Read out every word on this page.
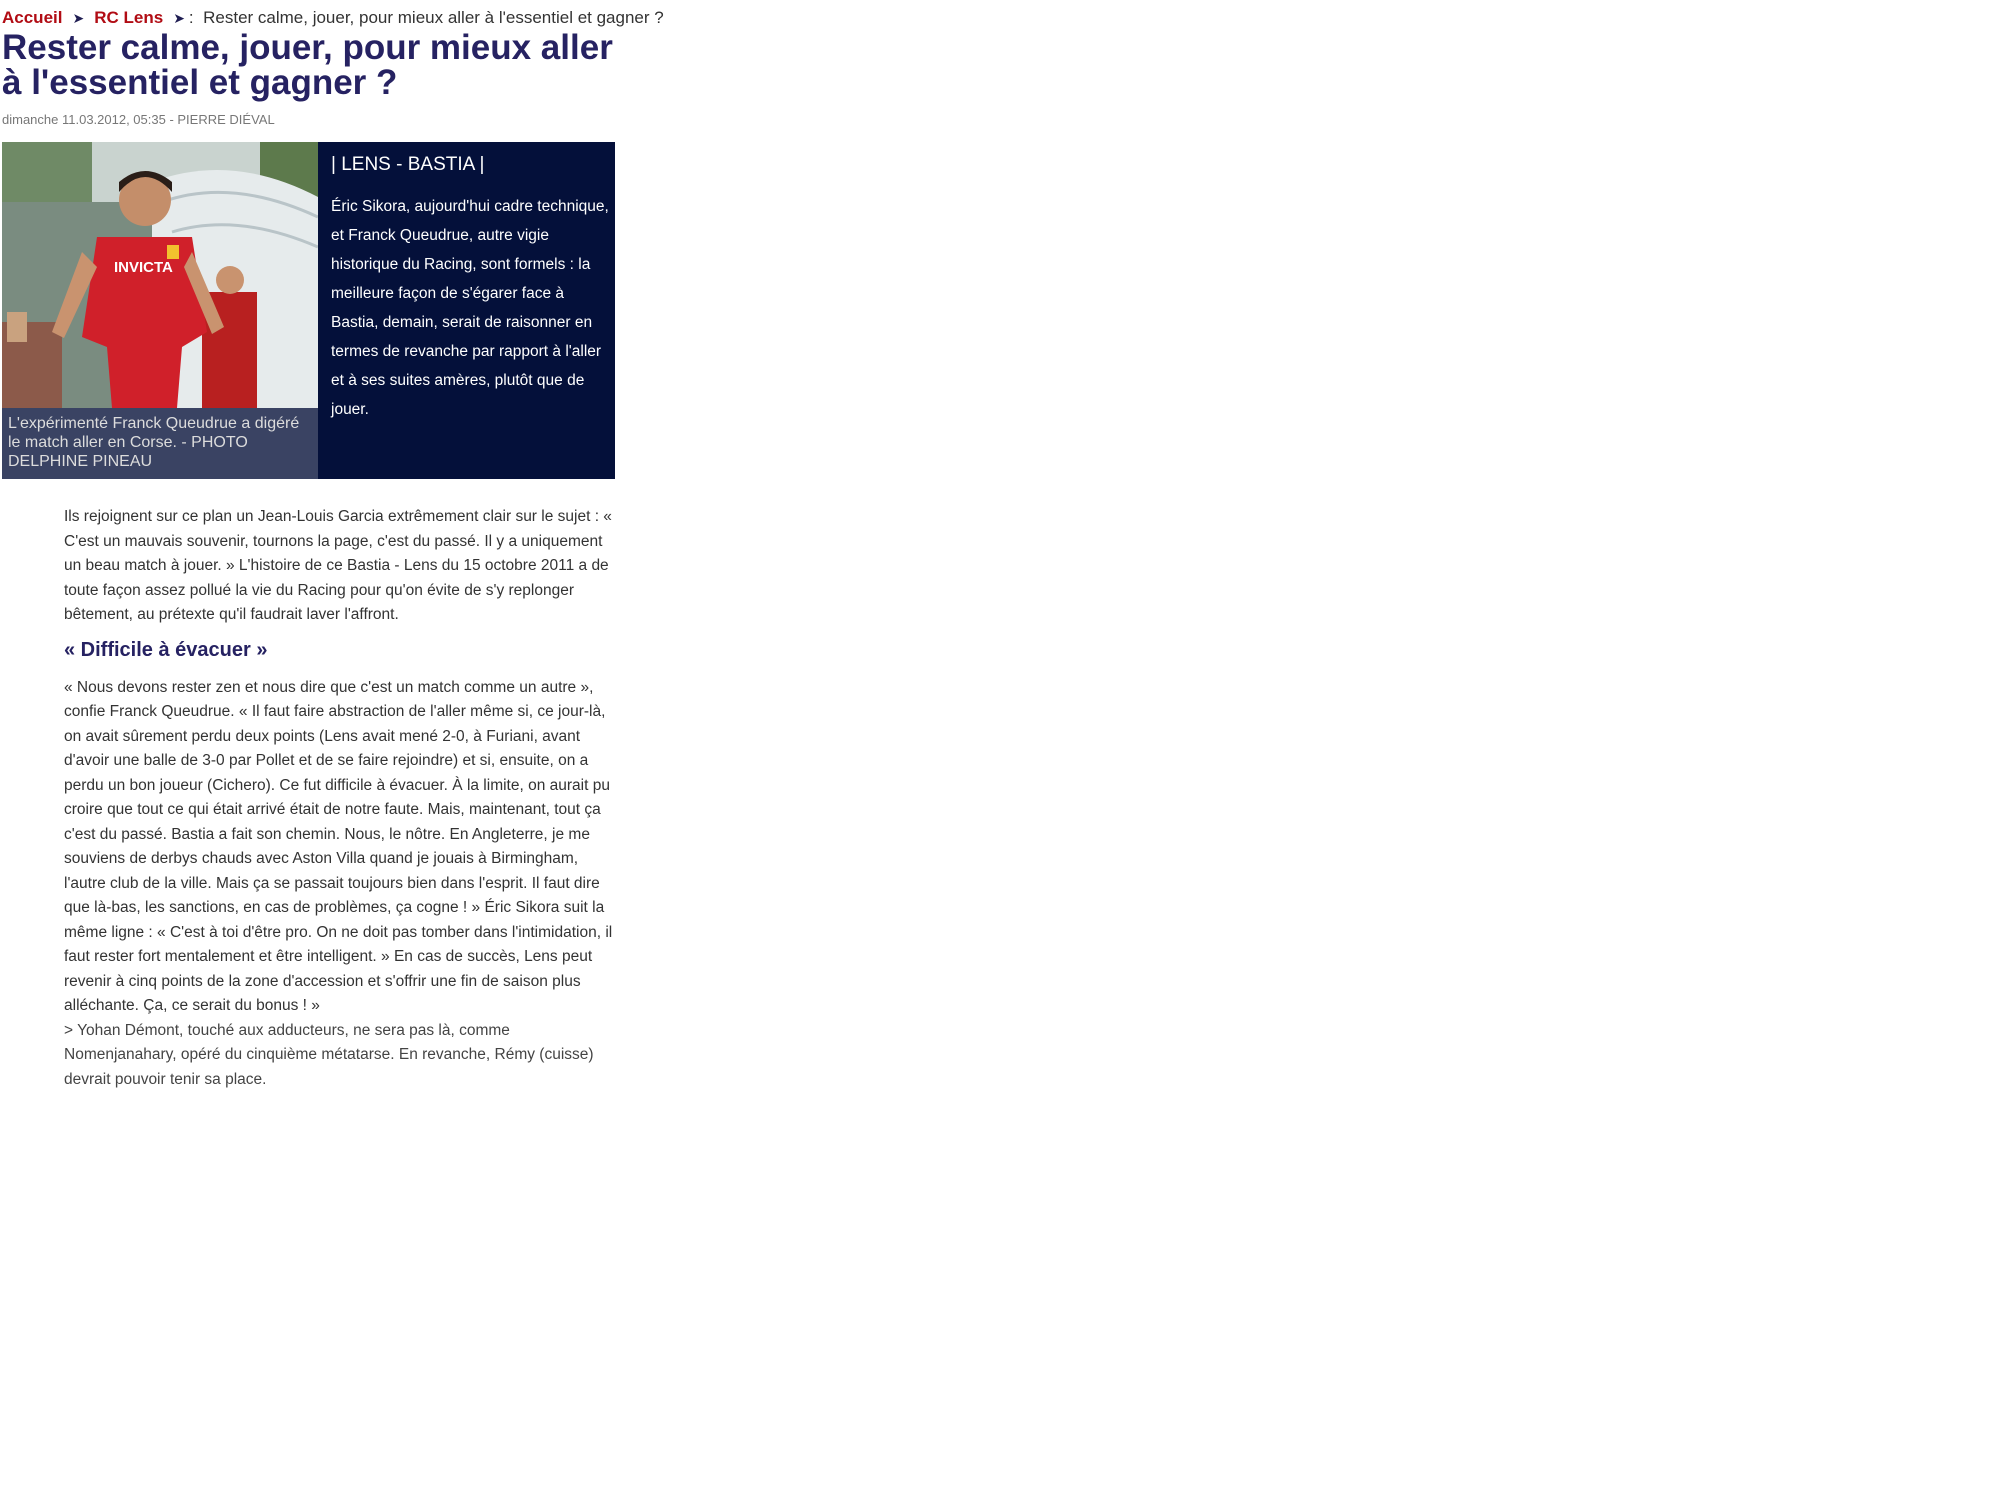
Accueil ➤ RC Lens ➤ : Rester calme, jouer, pour mieux aller à l'essentiel et gagner ?
Rester calme, jouer, pour mieux aller à l'essentiel et gagner ?
dimanche 11.03.2012, 05:35 - PIERRE DIÉVAL
INVICTA
L'expérimenté Franck Queudrue a digéré le match aller en Corse. - PHOTO DELPHINE PINEAU
| LENS - BASTIA |

Éric Sikora, aujourd'hui cadre technique, et Franck Queudrue, autre vigie historique du Racing, sont formels : la meilleure façon de s'égarer face à Bastia, demain, serait de raisonner en termes de revanche par rapport à l'aller et à ses suites amères, plutôt que de jouer.

Ils rejoignent sur ce plan un Jean-Louis Garcia extrêmement clair sur le sujet : « C'est un mauvais souvenir, tournons la page, c'est du passé. Il y a uniquement un beau match à jouer. » L'histoire de ce Bastia - Lens du 15 octobre 2011 a de toute façon assez pollué la vie du Racing pour qu'on évite de s'y replonger bêtement, au prétexte qu'il faudrait laver l'affront.

« Difficile à évacuer »

« Nous devons rester zen et nous dire que c'est un match comme un autre », confie Franck Queudrue. « Il faut faire abstraction de l'aller même si, ce jour-là, on avait sûrement perdu deux points (Lens avait mené 2-0, à Furiani, avant d'avoir une balle de 3-0 par Pollet et de se faire rejoindre) et si, ensuite, on a perdu un bon joueur (Cichero). Ce fut difficile à évacuer. À la limite, on aurait pu croire que tout ce qui était arrivé était de notre faute. Mais, maintenant, tout ça c'est du passé. Bastia a fait son chemin. Nous, le nôtre. En Angleterre, je me souviens de derbys chauds avec Aston Villa quand je jouais à Birmingham, l'autre club de la ville. Mais ça se passait toujours bien dans l'esprit. Il faut dire que là-bas, les sanctions, en cas de problèmes, ça cogne ! » Éric Sikora suit la même ligne : « C'est à toi d'être pro. On ne doit pas tomber dans l'intimidation, il faut rester fort mentalement et être intelligent. » En cas de succès, Lens peut revenir à cinq points de la zone d'accession et s'offrir une fin de saison plus alléchante. Ça, ce serait du bonus ! »

> Yohan Démont, touché aux adducteurs, ne sera pas là, comme Nomenjanahary, opéré du cinquième métatarse. En revanche, Rémy (cuisse) devrait pouvoir tenir sa place.
